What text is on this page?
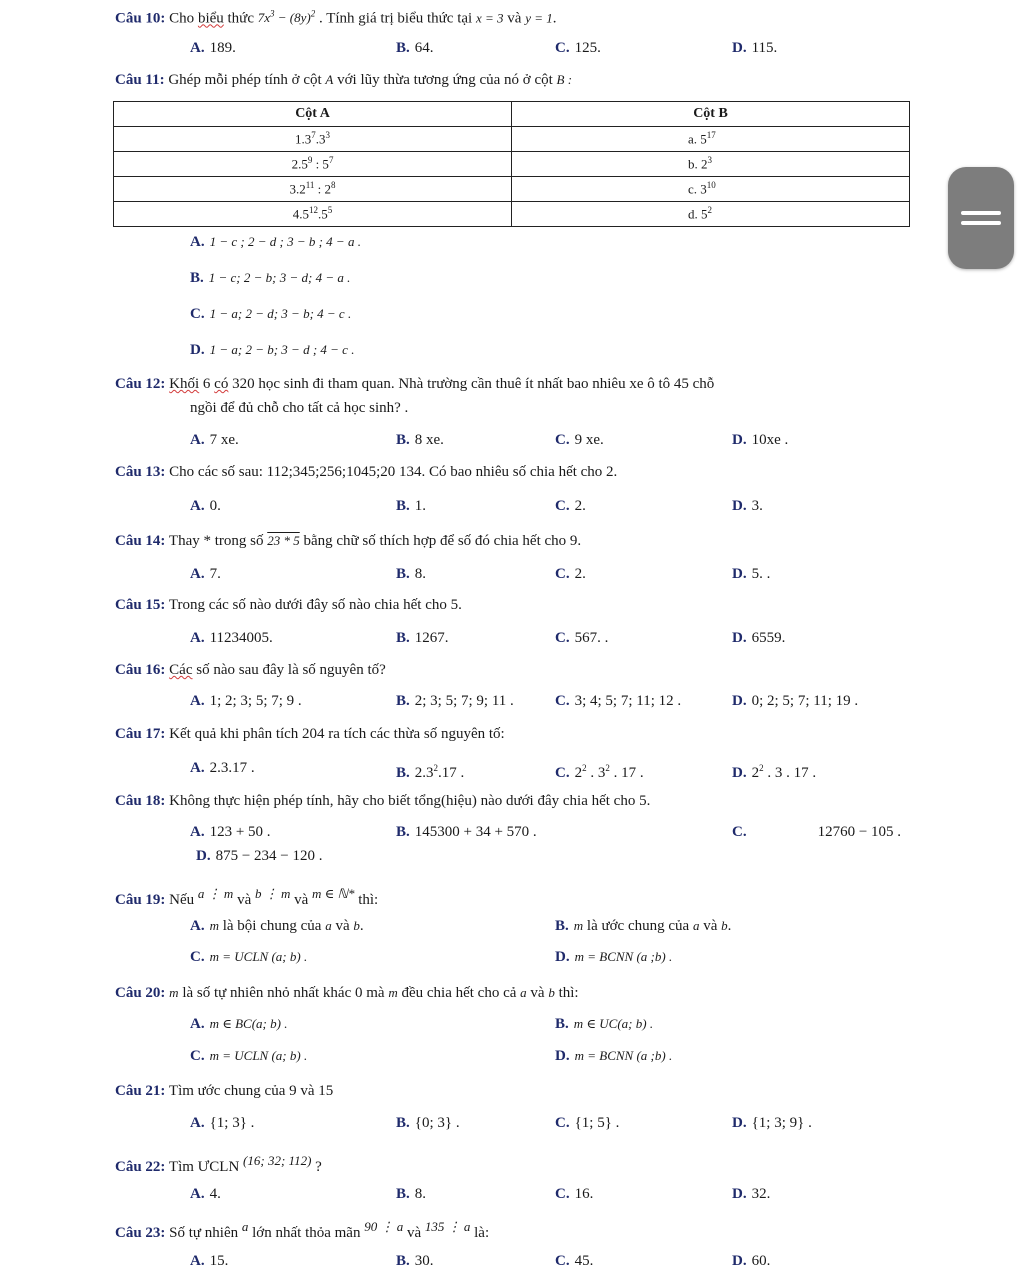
Câu 10: Cho biểu thức $7x^3 - (8y)^2$ . Tính giá trị biểu thức tại x = 3 và y = 1.
A. 189.	B. 64.	C. 125.	D. 115.
Câu 11: Ghép mỗi phép tính ở cột A với lũy thừa tương ứng của nó ở cột B :
Cột A	Cột B
$1.3^7.3^3$	a. $5^{17}$
$2.5^9$ : $5^7$	b. $2^3$
$3.2^{11}$ : $2^8$	c. $3^{10}$
$4.5^{12}.5^5$	d. $5^2$
A. 1 − c ; 2 − d ; 3 − b ; 4 − a .
B. 1 − c; 2 − b; 3 − d; 4 − a .
C. 1 − a; 2 − d; 3 − b; 4 − c .
D. 1 − a; 2 − b; 3 − d ; 4 − c .
Câu 12: Khối 6 có 320 học sinh đi tham quan. Nhà trường cần thuê ít nhất bao nhiêu xe ô tô 45 chỗ
ngồi để đủ chỗ cho tất cả học sinh? .
A. 7 xe.	B. 8 xe.	C. 9 xe.	D. 10xe .
Câu 13: Cho các số sau: 112;345;256;1045;20 134. Có bao nhiêu số chia hết cho 2.
A. 0.	B. 1.	C. 2.	D. 3.
Câu 14: Thay * trong số 23 * 5 bằng chữ số thích hợp để số đó chia hết cho 9.
A. 7.	B. 8.	C. 2.	D. 5. .
Câu 15: Trong các số nào dưới đây số nào chia hết cho 5.
A. 11234005.	B. 1267.	C. 567. .	D. 6559.
Câu 16: Các số nào sau đây là số nguyên tố?
A. 1; 2; 3; 5; 7; 9 .	B. 2; 3; 5; 7; 9; 11 .	C. 3; 4; 5; 7; 11; 12 .	D. 0; 2; 5; 7; 11; 19 .
Câu 17: Kết quả khi phân tích 204 ra tích các thừa số nguyên tố:
A. 2.3.17 .	B. $2.3^2.17$ .	C. $2^2$ . $3^2$ . 17 .	D. $2^2$ . 3 . 17 .
Câu 18: Không thực hiện phép tính, hãy cho biết tổng(hiệu) nào dưới đây chia hết cho 5.
A. 123 + 50 .	B. 145300 + 34 + 570 .	C.	12760 − 105 .
D. 875 − 234 − 120 .
Câu 19: Nếu $^{a ⋮ m}$ và $^{b ⋮ m}$ và $^{m \in ℕ*}$ thì:
A. m là bội chung của a và b.	B. m là ước chung của a và b.
C. m = UCLN (a; b) .	D. m = BCNN (a ;b) .
Câu 20: m là số tự nhiên nhỏ nhất khác 0 mà m đều chia hết cho cả a và b thì:
A. m ∈ BC(a; b) .	B. m ∈ UC(a; b) .
C. m = UCLN (a; b) .	D. m = BCNN (a ;b) .
Câu 21: Tìm ước chung của 9 và 15
A. {1; 3} .	B. {0; 3} .	C. {1; 5} .	D. {1; 3; 9} .
Câu 22: Tìm ƯCLN $^{(16; 32; 112)}$ ?
A. 4.	B. 8.	C. 16.	D. 32.
Câu 23: Số tự nhiên $^a$ lớn nhất thỏa mãn $^{90 ⋮ a}$ và $^{135 ⋮ a}$ là:
A. 15.	B. 30.	C. 45.	D. 60.
